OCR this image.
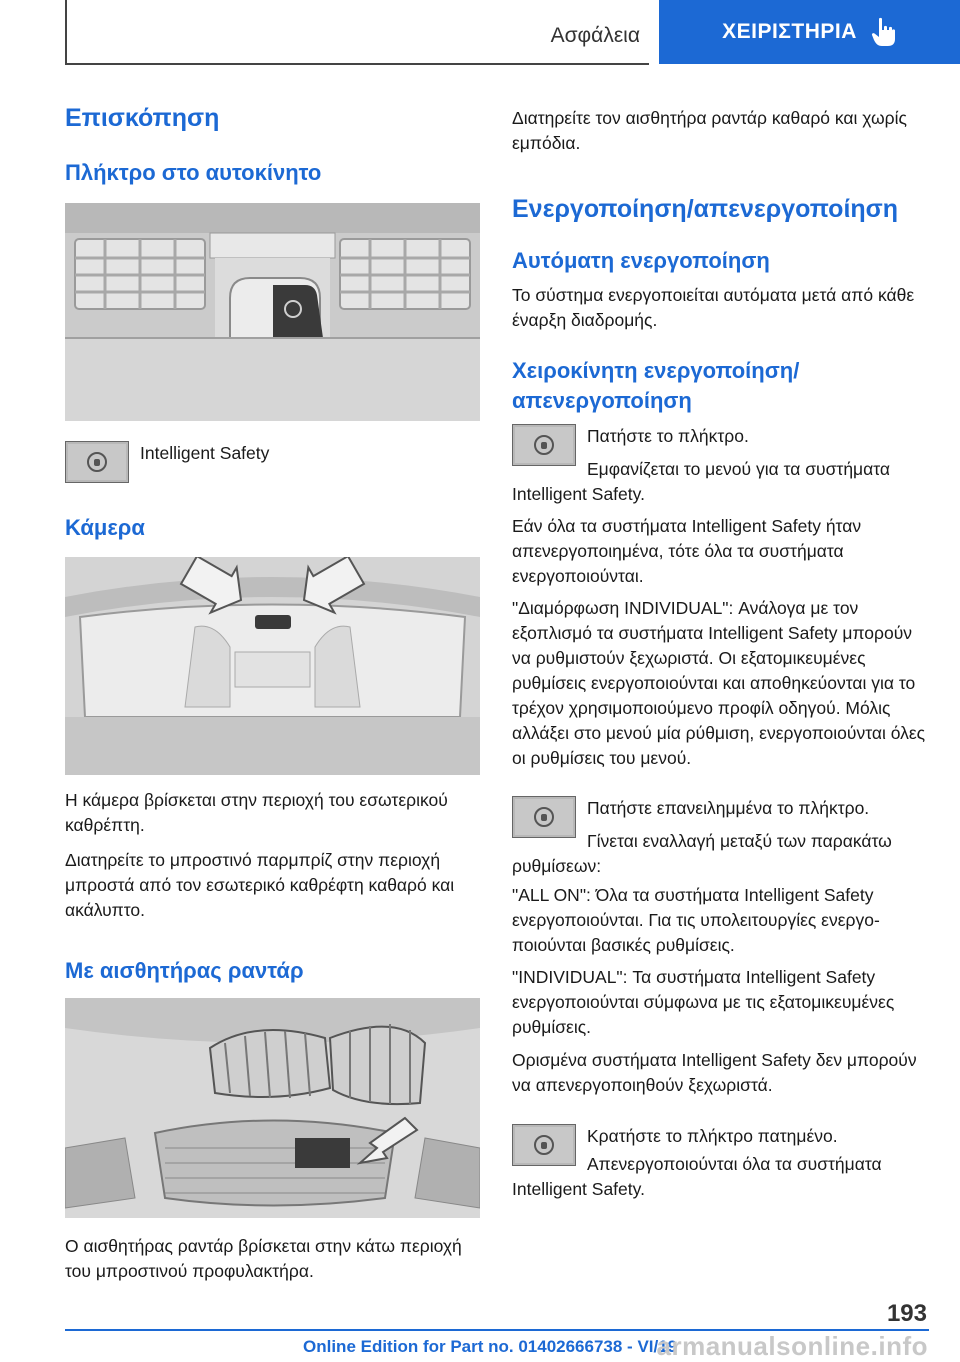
Ασφάλεια	ΧΕΙΡΙΣΤΗΡΙΑ
Επισκόπηση
Πλήκτρο στο αυτοκίνητο

Intelligent Safety

Κάμερα

Η κάμερα βρίσκεται στην περιοχή του εσωτερικού καθρέπτη.

Διατηρείτε το μπροστινό παρμπρίζ στην περιοχή μπροστά από τον εσωτερικό καθρέφτη καθαρό και ακάλυπτο.

Με αισθητήρας ραντάρ

Ο αισθητήρας ραντάρ βρίσκεται στην κάτω περιοχή του μπροστινού προφυλακτήρα.

Διατηρείτε τον αισθητήρα ραντάρ καθαρό και χωρίς εμπόδια.

Ενεργοποίηση/απενεργοποίηση
Αυτόματη ενεργοποίηση

Το σύστημα ενεργοποιείται αυτόματα μετά από κάθε έναρξη διαδρομής.

Χειροκίνητη ενεργοποίηση/απενεργοποίηση

Πατήστε το πλήκτρο.

Εμφανίζεται το μενού για τα συστήματα Intelligent Safety.

Εάν όλα τα συστήματα Intelligent Safety ήταν απενεργοποιημένα, τότε όλα τα συστήματα ενεργοποιούνται.

"Διαμόρφωση INDIVIDUAL": Ανάλογα με τον εξοπλισμό τα συστήματα Intelligent Safety μπορούν να ρυθμιστούν ξεχωριστά. Οι εξατομικευμένες ρυθμίσεις ενεργοποιούνται και αποθηκεύονται για το τρέχον χρησιμοποιούμενο προφίλ οδηγού. Μόλις αλλάξει στο μενού μία ρύθμιση, ενεργοποιούνται όλες οι ρυθμίσεις του μενού.

Πατήστε επανειλημμένα το πλήκτρο.

Γίνεται εναλλαγή μεταξύ των παρακάτω ρυθμίσεων:

"ALL ON": Όλα τα συστήματα Intelligent Safety ενεργοποιούνται. Για τις υπολειτουργίες ενεργοποιούνται βασικές ρυθμίσεις.

"INDIVIDUAL": Τα συστήματα Intelligent Safety ενεργοποιούνται σύμφωνα με τις εξατομικευμένες ρυθμίσεις.

Ορισμένα συστήματα Intelligent Safety δεν μπορούν να απενεργοποιηθούν ξεχωριστά.

Κρατήστε το πλήκτρο πατημένο.

Απενεργοποιούνται όλα τα συστήματα Intelligent Safety.

193
Online Edition for Part no. 01402666738 - VI/19
armanualsonline.info
